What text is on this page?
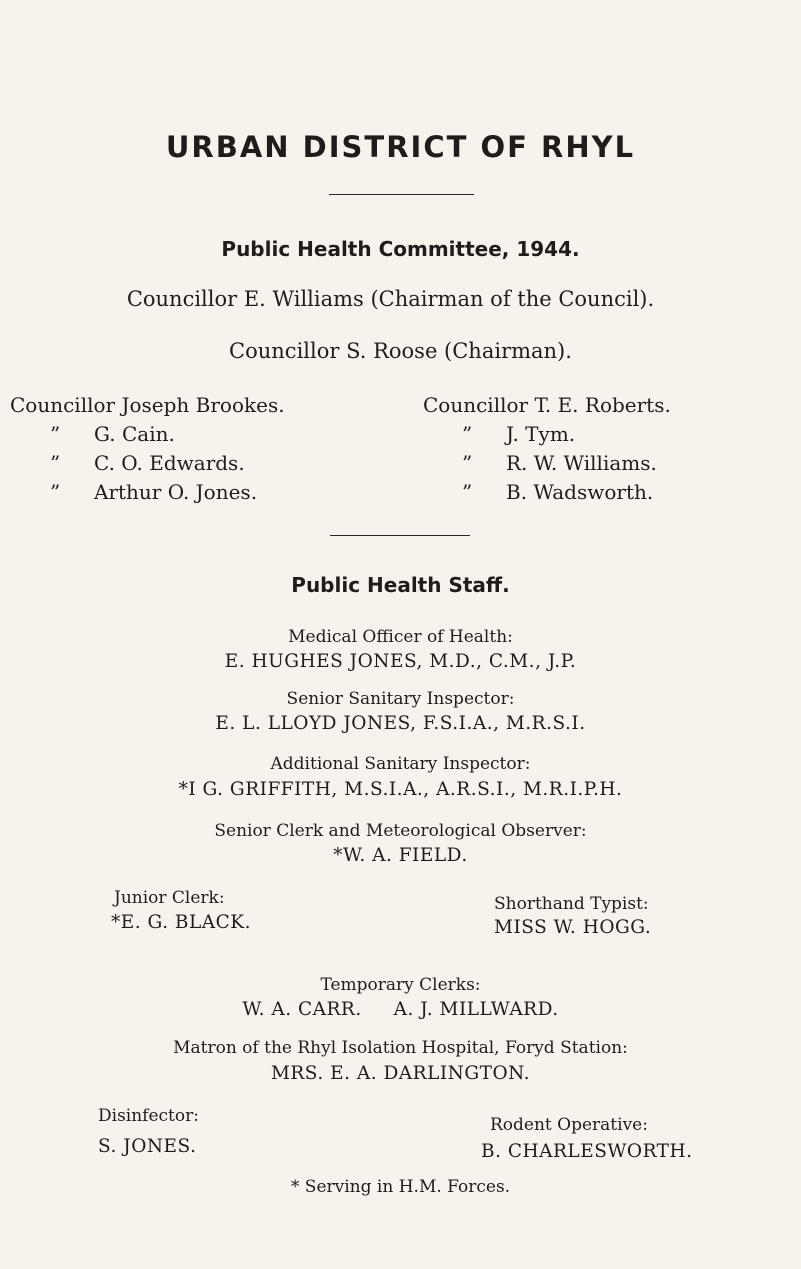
URBAN DISTRICT OF RHYL
Public Health Committee, 1944.
Councillor E. Williams (Chairman of the Council).
Councillor S. Roose (Chairman).
Councillor Joseph Brookes.
” G. Cain.
” C. O. Edwards.
” Arthur O. Jones.
Councillor T. E. Roberts.
” J. Tym.
” R. W. Williams.
” B. Wadsworth.
Public Health Staff.
Medical Officer of Health:
E. HUGHES JONES, M.D., C.M., J.P.
Senior Sanitary Inspector:
E. L. LLOYD JONES, F.S.I.A., M.R.S.I.
Additional Sanitary Inspector:
*I G. GRIFFITH, M.S.I.A., A.R.S.I., M.R.I.P.H.
Senior Clerk and Meteorological Observer:
*W. A. FIELD.
Junior Clerk:
*E. G. BLACK.
Shorthand Typist:
MISS W. HOGG.
Temporary Clerks:
W. A. CARR.     A. J. MILLWARD.
Matron of the Rhyl Isolation Hospital, Foryd Station:
MRS. E. A. DARLINGTON.
Disinfector:
S. JONES.
Rodent Operative:
B. CHARLESWORTH.
* Serving in H.M. Forces.
